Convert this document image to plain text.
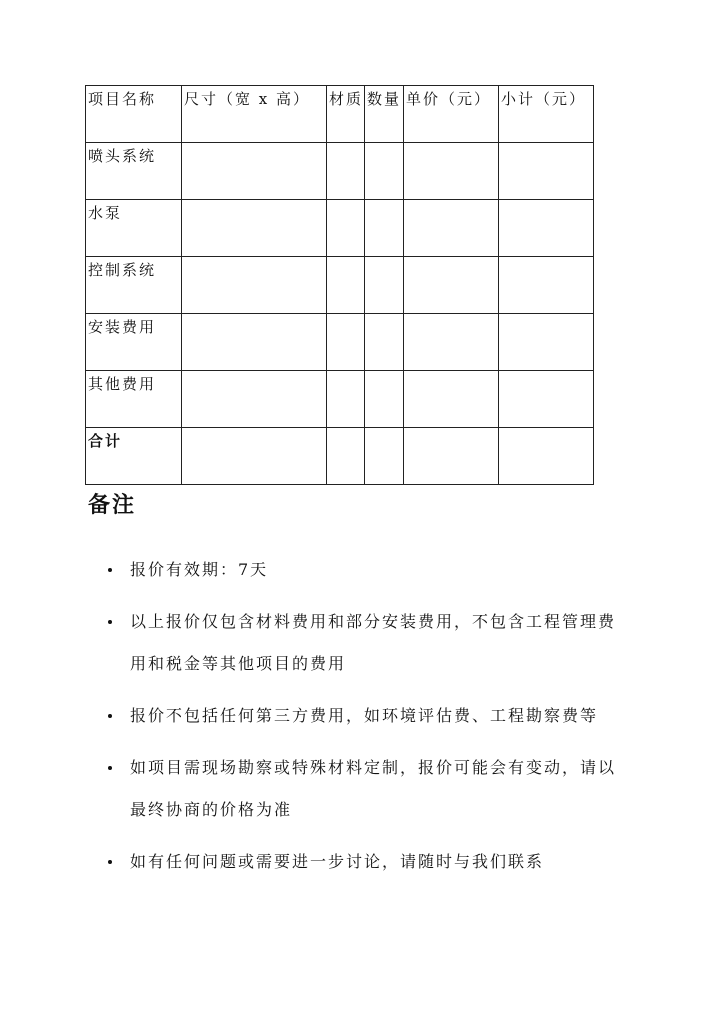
项目名称	尺寸（宽 x 高）	材质	数量	单价（元）	小计（元）
喷头系统					
水泵					
控制系统					
安装费用					
其他费用					
合计					
备注
报价有效期：7天
以上报价仅包含材料费用和部分安装费用，不包含工程管理费用和税金等其他项目的费用
报价不包括任何第三方费用，如环境评估费、工程勘察费等
如项目需现场勘察或特殊材料定制，报价可能会有变动，请以最终协商的价格为准
如有任何问题或需要进一步讨论，请随时与我们联系
